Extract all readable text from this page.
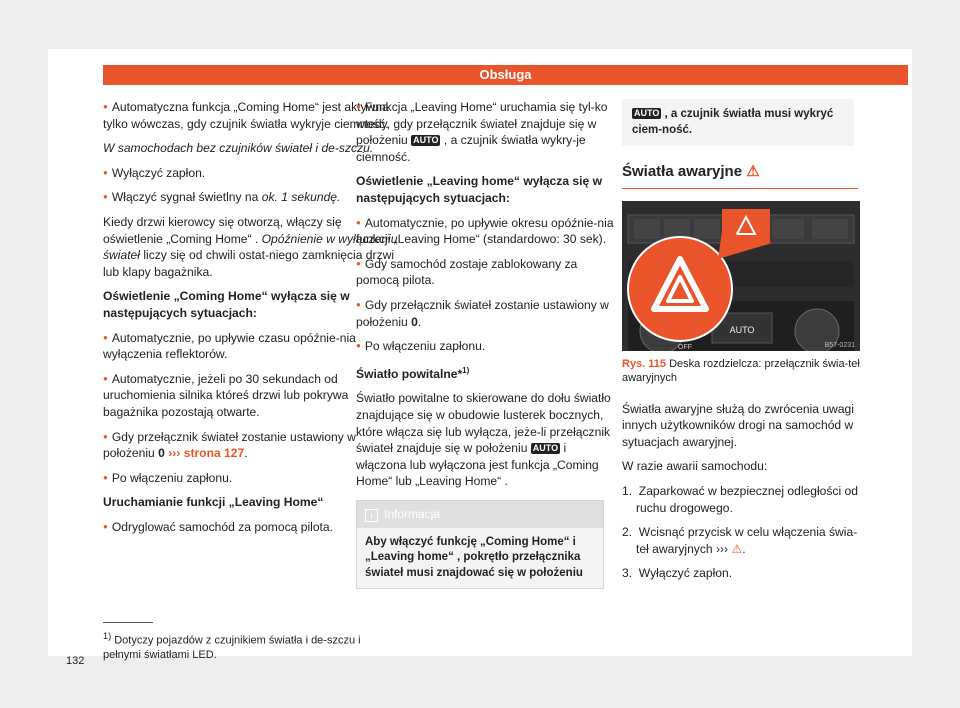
Obsługa

● Automatyczna funkcja „Coming Home“ jest aktywna tylko wówczas, gdy czujnik światła wykryje ciemność.

W samochodach bez czujników świateł i de-szczu.

● Wyłączyć zapłon.

● Włączyć sygnał świetlny na ok. 1 sekundę.

Kiedy drzwi kierowcy się otworzą, włączy się oświetlenie „Coming Home“ . Opóźnienie w wyłączeniu świateł liczy się od chwili ostat-niego zamknięcia drzwi lub klapy bagażnika.

Oświetlenie „Coming Home“ wyłącza się w następujących sytuacjach:

● Automatycznie, po upływie czasu opóźnie-nia wyłączenia reflektorów.

● Automatycznie, jeżeli po 30 sekundach od uruchomienia silnika któreś drzwi lub pokrywa bagażnika pozostają otwarte.

● Gdy przełącznik świateł zostanie ustawiony w położeniu 0 ››› strona 127.

● Po włączeniu zapłonu.

Uruchamianie funkcji „Leaving Home“

● Odryglować samochód za pomocą pilota.

● Funkcja „Leaving Home“ uruchamia się tyl-ko wtedy, gdy przełącznik świateł znajduje się w położeniu AUTO , a czujnik światła wykry-je ciemność.

Oświetlenie „Leaving home“ wyłącza się w następujących sytuacjach:

● Automatycznie, po upływie okresu opóźnie-nia funkcji „Leaving Home“ (standardowo: 30 sek).

● Gdy samochód zostaje zablokowany za pomocą pilota.

● Gdy przełącznik świateł zostanie ustawiony w położeniu 0.

● Po włączeniu zapłonu.

Światło powitalne*$^{1)}$

Światło powitalne to skierowane do dołu światło znajdujące się w obudowie lusterek bocznych, które włącza się lub wyłącza, jeże-li przełącznik świateł znajduje się w położeniu AUTO i włączona lub wyłączona jest funkcja „Coming Home“ lub „Leaving Home“ .

i Informacja
Aby włączyć funkcję „Coming Home“ i „Leaving home“ , pokrętło przełącznika świateł musi znajdować się w położeniu
AUTO , a czujnik światła musi wykryć ciem-ność.
Światła awaryjne ⚠
AUTO
OFF	B57-0231
Rys. 115 Deska rozdzielcza: przełącznik świa-teł awaryjnych

Światła awaryjne służą do zwrócenia uwagi innych użytkowników drogi na samochód w sytuacjach awaryjnej.

W razie awarii samochodu:

1.  Zaparkować w bezpiecznej odległości od ruchu drogowego.

2.  Wcisnąć przycisk w celu włączenia świa-teł awaryjnych ››› ⚠.

3.  Wyłączyć zapłon.

$^{1)}$ Dotyczy pojazdów z czujnikiem światła i de-szczu i pełnymi światłami LED.
132
